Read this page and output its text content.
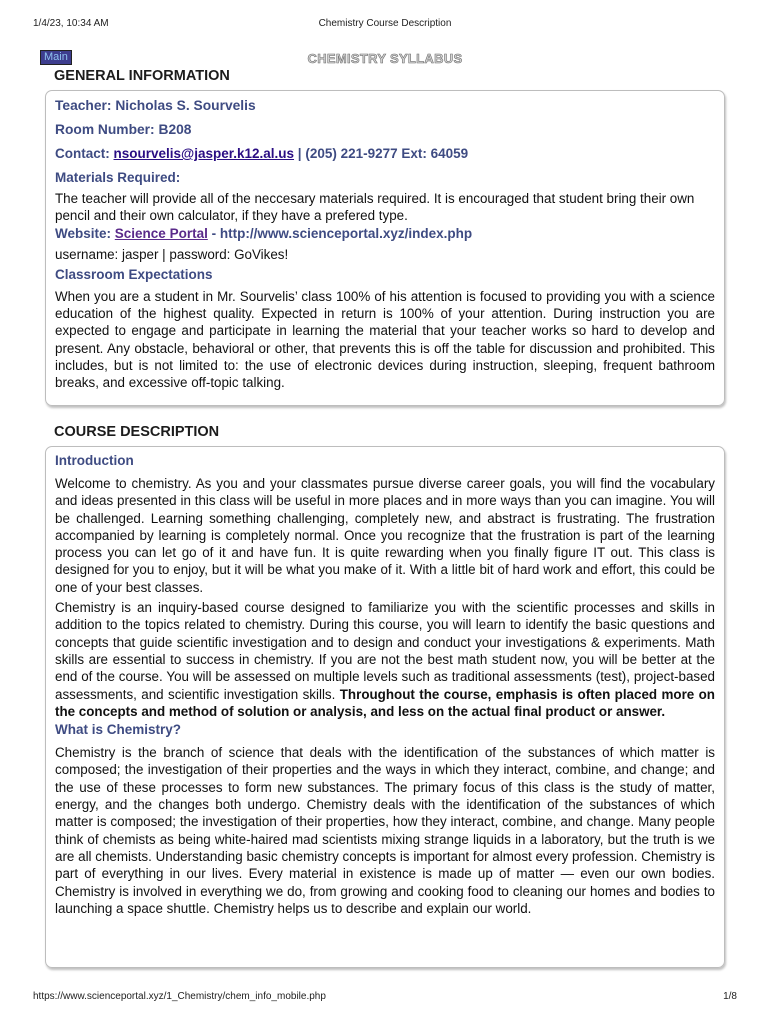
1/4/23, 10:34 AM	Chemistry Course Description
Main	CHEMISTRY SYLLABUS
GENERAL INFORMATION
Teacher: Nicholas S. Sourvelis
Room Number: B208
Contact: nsourvelis@jasper.k12.al.us | (205) 221-9277 Ext: 64059
Materials Required:

The teacher will provide all of the neccesary materials required. It is encouraged that student bring their own pencil and their own calculator, if they have a prefered type.

Website: Science Portal - http://www.scienceportal.xyz/index.php

username: jasper | password: GoVikes!

Classroom Expectations

When you are a student in Mr. Sourvelis’ class 100% of his attention is focused to providing you with a science education of the highest quality. Expected in return is 100% of your attention. During instruction you are expected to engage and participate in learning the material that your teacher works so hard to develop and present. Any obstacle, behavioral or other, that prevents this is off the table for discussion and prohibited. This includes, but is not limited to: the use of electronic devices during instruction, sleeping, frequent bathroom breaks, and excessive off-topic talking.

COURSE DESCRIPTION
Introduction

Welcome to chemistry. As you and your classmates pursue diverse career goals, you will find the vocabulary and ideas presented in this class will be useful in more places and in more ways than you can imagine. You will be challenged. Learning something challenging, completely new, and abstract is frustrating. The frustration accompanied by learning is completely normal. Once you recognize that the frustration is part of the learning process you can let go of it and have fun. It is quite rewarding when you finally figure IT out. This class is designed for you to enjoy, but it will be what you make of it. With a little bit of hard work and effort, this could be one of your best classes.

Chemistry is an inquiry-based course designed to familiarize you with the scientific processes and skills in addition to the topics related to chemistry. During this course, you will learn to identify the basic questions and concepts that guide scientific investigation and to design and conduct your investigations & experiments. Math skills are essential to success in chemistry. If you are not the best math student now, you will be better at the end of the course. You will be assessed on multiple levels such as traditional assessments (test), project-based assessments, and scientific investigation skills. Throughout the course, emphasis is often placed more on the concepts and method of solution or analysis, and less on the actual final product or answer.

What is Chemistry?

Chemistry is the branch of science that deals with the identification of the substances of which matter is composed; the investigation of their properties and the ways in which they interact, combine, and change; and the use of these processes to form new substances. The primary focus of this class is the study of matter, energy, and the changes both undergo. Chemistry deals with the identification of the substances of which matter is composed; the investigation of their properties, how they interact, combine, and change. Many people think of chemists as being white-haired mad scientists mixing strange liquids in a laboratory, but the truth is we are all chemists. Understanding basic chemistry concepts is important for almost every profession. Chemistry is part of everything in our lives. Every material in existence is made up of matter — even our own bodies. Chemistry is involved in everything we do, from growing and cooking food to cleaning our homes and bodies to launching a space shuttle. Chemistry helps us to describe and explain our world.

https://www.scienceportal.xyz/1_Chemistry/chem_info_mobile.php	1/8
